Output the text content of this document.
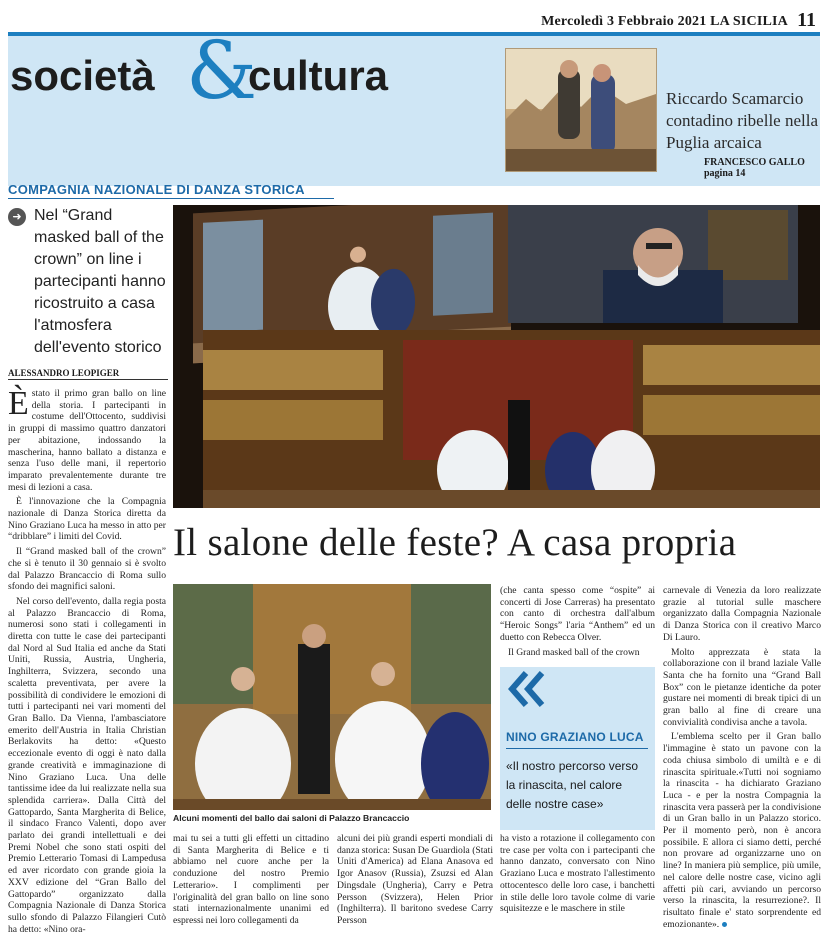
Mercoledì 3 Febbraio 2021 LA SICILIA 11
società &
cultura	Riccardo Scamarcio contadino ribelle nella Puglia arcaica
FRANCESCO GALLO pagina 14
COMPAGNIA NAZIONALE DI DANZA STORICA
➜ Nel “Grand masked ball of the crown” on line i partecipanti hanno ricostruito a casa l'atmosfera dell'evento storico
ALESSANDRO LEOPIGER
Il salone delle feste? A casa propria

Èstato il primo gran ballo on line della storia. I partecipanti in costume dell'Ottocento, suddivisi in gruppi di massimo quattro danzatori per abitazione, indossando la mascherina, hanno ballato a distanza e senza l'uso delle mani, il repertorio imparato prevalentemente durante tre mesi di lezioni a casa.

È l'innovazione che la Compagnia nazionale di Danza Storica diretta da Nino Graziano Luca ha messo in atto per “dribblare” i limiti del Covid.

Il “Grand masked ball of the crown” che si è tenuto il 30 gennaio si è svolto dal Palazzo Brancaccio di Roma sullo sfondo dei magnifici saloni.

Nel corso dell'evento, dalla regia posta al Palazzo Brancaccio di Roma, numerosi sono stati i collegamenti in diretta con tutte le case dei partecipanti dal Nord al Sud Italia ed anche da Stati Uniti, Russia, Austria, Ungheria, Inghilterra, Svizzera, secondo una scaletta preventivata, per avere la possibilità di condividere le emozioni di tutti i partecipanti nei vari momenti del Gran Ballo. Da Vienna, l'ambasciatore emerito dell'Austria in Italia Christian Berlakovits ha detto: «Questo eccezionale evento di oggi è nato dalla grande creatività e immaginazione di Nino Graziano Luca. Una delle tantissime idee da lui realizzate nella sua splendida carriera». Dalla Città del Gattopardo, Santa Margherita di Belice, il sindaco Franco Valenti, dopo aver parlato dei grandi intellettuali e dei Premi Nobel che sono stati ospiti del Premio Letterario Tomasi di Lampedusa ed aver ricordato con grande gioia la XXV edizione del “Gran Ballo del Gattopardo” organizzato dalla Compagnia Nazionale di Danza Storica sullo sfondo di Palazzo Filangieri Cutò ha detto: «Nino ora-

Alcuni momenti del ballo dai saloni di Palazzo Brancaccio

mai tu sei a tutti gli effetti un cittadino di Santa Margherita di Belice e ti abbiamo nel cuore anche per la conduzione del nostro Premio Letterario». I complimenti per l'originalità del gran ballo on line sono stati internazionalmente unanimi ed espressi nei loro collegamenti da

alcuni dei più grandi esperti mondiali di danza storica: Susan De Guardiola (Stati Uniti d'America) ad Elana Anasova ed Igor Anasov (Russia), Zsuzsi ed Alan Dingsdale (Ungheria), Carry e Petra Persson (Svizzera), Helen Prior (Inghilterra). Il baritono svedese Carry Persson

(che canta spesso come “ospite” ai concerti di Jose Carreras) ha presentato con canto di orchestra dall'album “Heroic Songs” l'aria “Anthem” ed un duetto con Rebecca Olver.

Il Grand masked ball of the crown

NINO GRAZIANO LUCA
«Il nostro percorso verso la rinascita, nel calore delle nostre case»

ha visto a rotazione il collegamento con tre case per volta con i partecipanti che hanno danzato, conversato con Nino Graziano Luca e mostrato l'allestimento ottocentesco delle loro case, i banchetti in stile delle loro tavole colme di varie squisitezze e le maschere in stile

carnevale di Venezia da loro realizzate grazie al tutorial sulle maschere organizzato dalla Compagnia Nazionale di Danza Storica con il creativo Marco Di Lauro.

Molto apprezzata è stata la collaborazione con il brand laziale Valle Santa che ha fornito una “Grand Ball Box” con le pietanze identiche da poter gustare nei momenti di break tipici di un gran ballo al fine di creare una convivialità condivisa anche a tavola.

L'emblema scelto per il Gran ballo l'immagine è stato un pavone con la coda chiusa simbolo di umiltà e e di rinascita spirituale.«Tutti noi sogniamo la rinascita - ha dichiarato Graziano Luca - e per la nostra Compagnia la rinascita vera passerà per la condivisione di un Gran ballo in un Palazzo storico. Per il momento però, non è ancora possibile. E allora ci siamo detti, perché non provare ad organizzarne uno on line? In maniera più semplice, più umile, nel calore delle nostre case, vicino agli affetti più cari, avviando un percorso verso la rinascita, la resurrezione?. Il risultato finale e' stato sorprendente ed emozionante».
